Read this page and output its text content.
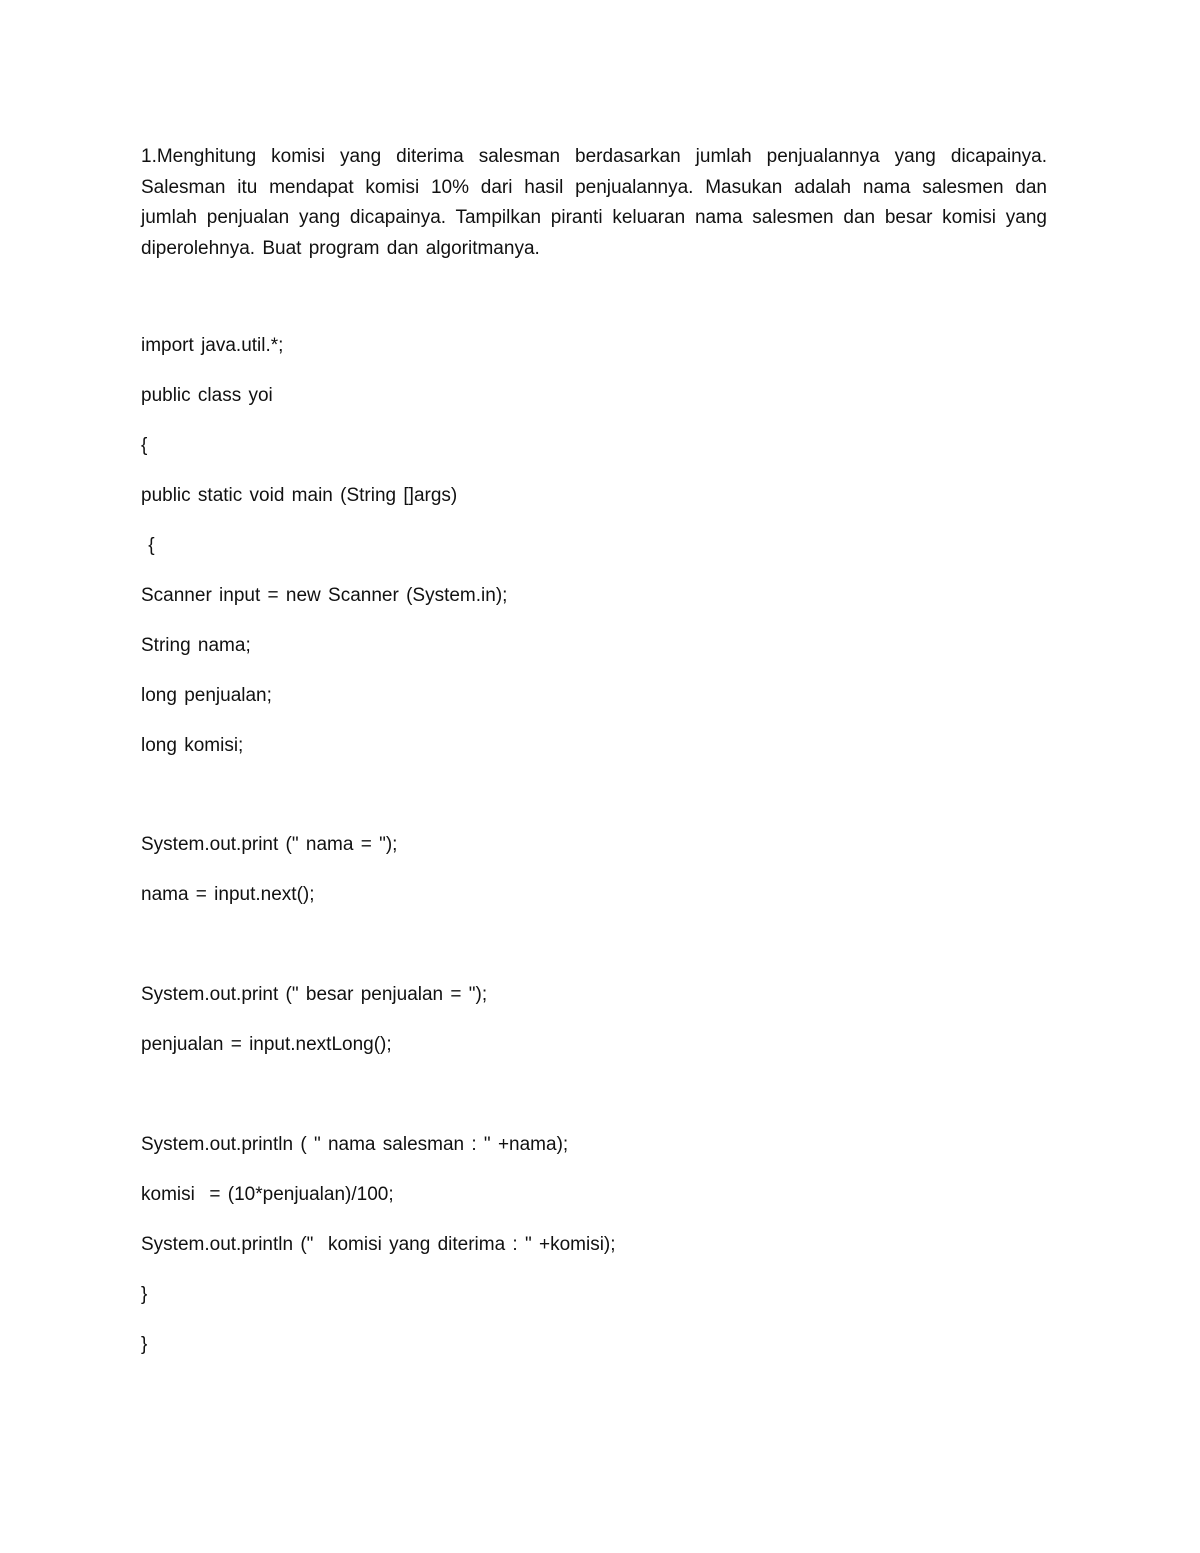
1.Menghitung komisi yang diterima salesman berdasarkan jumlah penjualannya yang dicapainya. Salesman itu mendapat komisi 10% dari hasil penjualannya. Masukan adalah nama salesmen dan jumlah penjualan yang dicapainya. Tampilkan piranti keluaran nama salesmen dan besar komisi yang diperolehnya. Buat program dan algoritmanya.

import java.util.*;
public class yoi
{
public static void main (String []args)
{
Scanner input = new Scanner (System.in);
String nama;
long penjualan;
long komisi;
System.out.print (" nama = ");
nama = input.next();
System.out.print (" besar penjualan = ");
penjualan = input.nextLong();
System.out.println ( " nama salesman : " +nama);
komisi  = (10*penjualan)/100;
System.out.println ("  komisi yang diterima : " +komisi);
}
}
